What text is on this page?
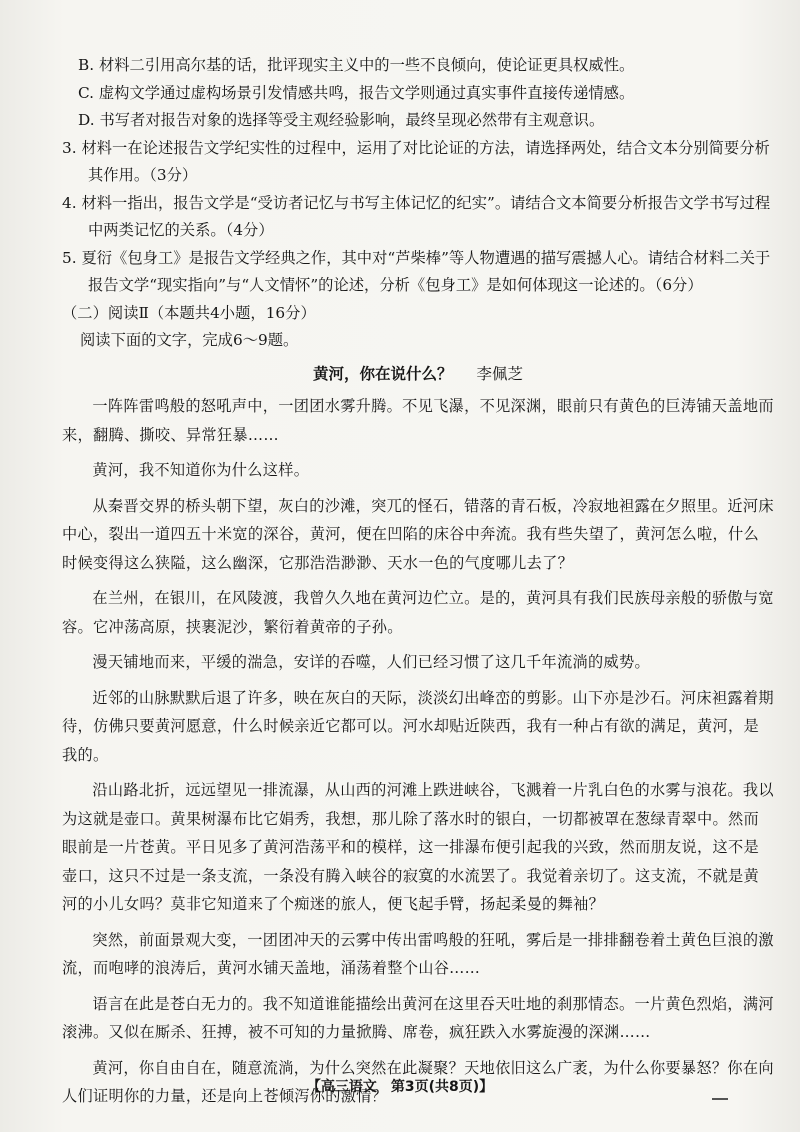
B. 材料二引用高尔基的话，批评现实主义中的一些不良倾向，使论证更具权威性。

C. 虚构文学通过虚构场景引发情感共鸣，报告文学则通过真实事件直接传递情感。

D. 书写者对报告对象的选择等受主观经验影响，最终呈现必然带有主观意识。

3. 材料一在论述报告文学纪实性的过程中，运用了对比论证的方法，请选择两处，结合文本分别简要分析其作用。（3分）

4. 材料一指出，报告文学是“受访者记忆与书写主体记忆的纪实”。请结合文本简要分析报告文学书写过程中两类记忆的关系。（4分）

5. 夏衍《包身工》是报告文学经典之作，其中对“芦柴棒”等人物遭遇的描写震撼人心。请结合材料二关于报告文学“现实指向”与“人文情怀”的论述，分析《包身工》是如何体现这一论述的。（6分）

（二）阅读Ⅱ（本题共4小题，16分）

阅读下面的文字，完成6～9题。

黄河，你在说什么？ 李佩芝

一阵阵雷鸣般的怒吼声中，一团团水雾升腾。不见飞瀑，不见深渊，眼前只有黄色的巨涛铺天盖地而来，翻腾、撕咬、异常狂暴……

黄河，我不知道你为什么这样。

从秦晋交界的桥头朝下望，灰白的沙滩，突兀的怪石，错落的青石板，冷寂地袒露在夕照里。近河床中心，裂出一道四五十米宽的深谷，黄河，便在凹陷的床谷中奔流。我有些失望了，黄河怎么啦，什么时候变得这么狭隘，这么幽深，它那浩浩渺渺、天水一色的气度哪儿去了？

在兰州，在银川，在风陵渡，我曾久久地在黄河边伫立。是的，黄河具有我们民族母亲般的骄傲与宽容。它冲荡高原，挟裹泥沙，繁衍着黄帝的子孙。

漫天铺地而来，平缓的湍急，安详的吞噬，人们已经习惯了这几千年流淌的威势。

近邻的山脉默默后退了许多，映在灰白的天际，淡淡幻出峰峦的剪影。山下亦是沙石。河床袒露着期待，仿佛只要黄河愿意，什么时候亲近它都可以。河水却贴近陕西，我有一种占有欲的满足，黄河，是我的。

沿山路北折，远远望见一排流瀑，从山西的河滩上跌进峡谷，飞溅着一片乳白色的水雾与浪花。我以为这就是壶口。黄果树瀑布比它娟秀，我想，那儿除了落水时的银白，一切都被罩在葱绿青翠中。然而眼前是一片苍黄。平日见多了黄河浩荡平和的模样，这一排瀑布便引起我的兴致，然而朋友说，这不是壶口，这只不过是一条支流，一条没有腾入峡谷的寂寞的水流罢了。我觉着亲切了。这支流，不就是黄河的小儿女吗？莫非它知道来了个痴迷的旅人，便飞起手臂，扬起柔曼的舞袖？

突然，前面景观大变，一团团冲天的云雾中传出雷鸣般的狂吼，雾后是一排排翻卷着土黄色巨浪的激流，而咆哮的浪涛后，黄河水铺天盖地，涌荡着整个山谷……

语言在此是苍白无力的。我不知道谁能描绘出黄河在这里吞天吐地的刹那情态。一片黄色烈焰，满河滚沸。又似在厮杀、狂搏，被不可知的力量掀腾、席卷，疯狂跌入水雾旋漫的深渊……

黄河，你自由自在，随意流淌，为什么突然在此凝聚？天地依旧这么广袤，为什么你要暴怒？你在向人们证明你的力量，还是向上苍倾泻你的激情？

【高三语文　第3页(共8页)】
